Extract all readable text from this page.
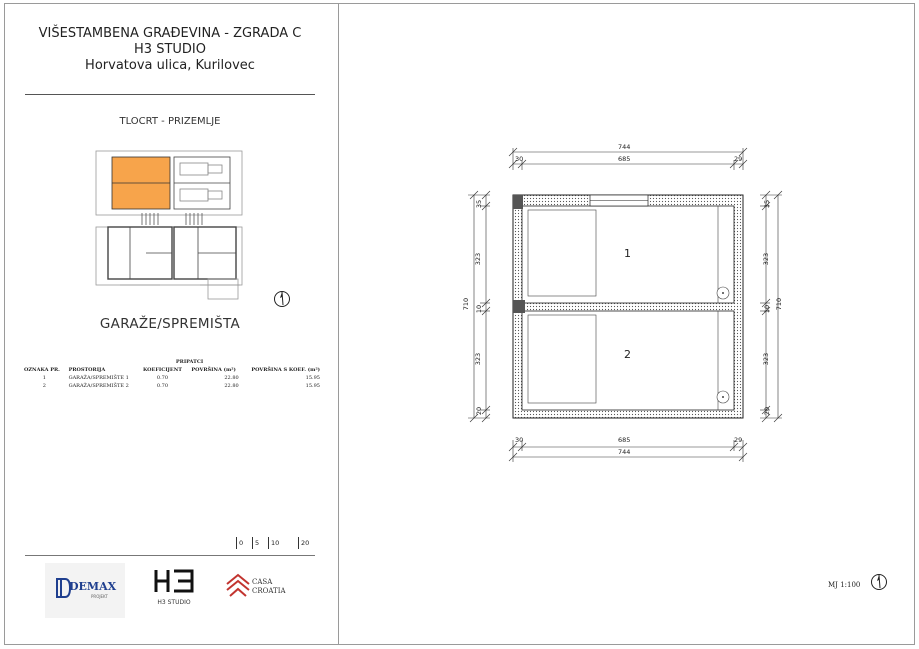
VIŠESTAMBENA GRAĐEVINA - ZGRADA C
H3 STUDIO
Horvatova ulica, Kurilovec
TLOCRT - PRIZEMLJE
GARAŽE/SPREMIŠTA
		PRIPATCI		
OZNAKA PR.	PROSTORIJA	KOEFICIJENT	POVRŠINA (m²)	POVRŠINA S KOEF. (m²)
1	GARAŽA/SPREMIŠTE 1	0.70	22.80	15.95
2	GARAŽA/SPREMIŠTE 2	0.70	22.80	15.95
0 5 10	20
DEMAX
PROJEKT
H3 STUDIO
CASA
CROATIA
744
685
30	29
685
744
30	29
710
35
323
10
323
20
35
323
10 710
323
20
1
2
MJ 1:100
